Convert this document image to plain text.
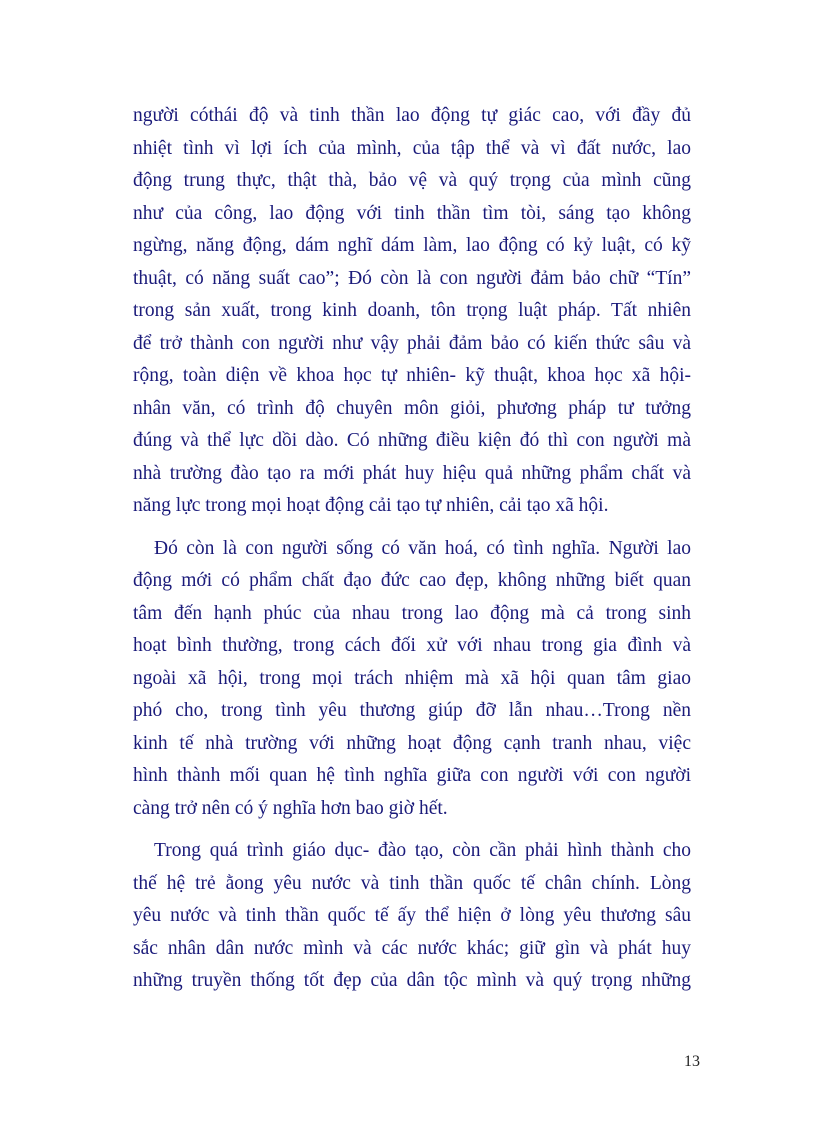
người cóthái độ và tinh thần lao động tự giác cao, với đầy đủ
nhiệt tình vì lợi ích của mình, của tập thể và vì đất nước, lao
động trung thực, thật thà, bảo vệ và quý trọng của mình cũng
như của công, lao động với tinh thần tìm tòi, sáng tạo không
ngừng, năng động, dám nghĩ dám làm, lao động có kỷ luật, có kỹ
thuật, có năng suất cao”; Đó còn là con người đảm bảo chữ “Tín”
trong sản xuất, trong kinh doanh, tôn trọng luật pháp. Tất nhiên
để trở thành con người như vậy phải đảm bảo có kiến thức sâu và
rộng, toàn diện về khoa học tự nhiên- kỹ thuật, khoa học xã hội-
nhân văn, có trình độ chuyên môn giỏi, phương pháp tư tưởng
đúng và thể lực dồi dào. Có những điều kiện đó thì con người mà
nhà trường đào tạo ra mới phát huy hiệu quả những phẩm chất và
năng lực trong mọi hoạt động cải tạo tự nhiên, cải tạo xã hội.

Đó còn là con người sống có văn hoá, có tình nghĩa. Người lao
động mới có phẩm chất đạo đức cao đẹp, không những biết quan
tâm đến hạnh phúc của nhau trong lao động mà cả trong sinh
hoạt bình thường, trong cách đối xử với nhau trong gia đình và
ngoài xã hội, trong mọi trách nhiệm mà xã hội quan tâm giao
phó cho, trong tình yêu thương giúp đỡ lẫn nhau…Trong nền
kinh tế nhà trường với những hoạt động cạnh tranh nhau, việc
hình thành mối quan hệ tình nghĩa giữa con người với con người
càng trở nên có ý nghĩa hơn bao giờ hết.

Trong quá trình giáo dục- đào tạo, còn cần phải hình thành cho
thế hệ trẻ ằong yêu nước và tinh thần quốc tế chân chính. Lòng
yêu nước và tinh thần quốc tế ấy thể hiện ở lòng yêu thương sâu
sắc nhân dân nước mình và các nước khác; giữ gìn và phát huy
những truyền thống tốt đẹp của dân tộc mình và quý trọng những

13
